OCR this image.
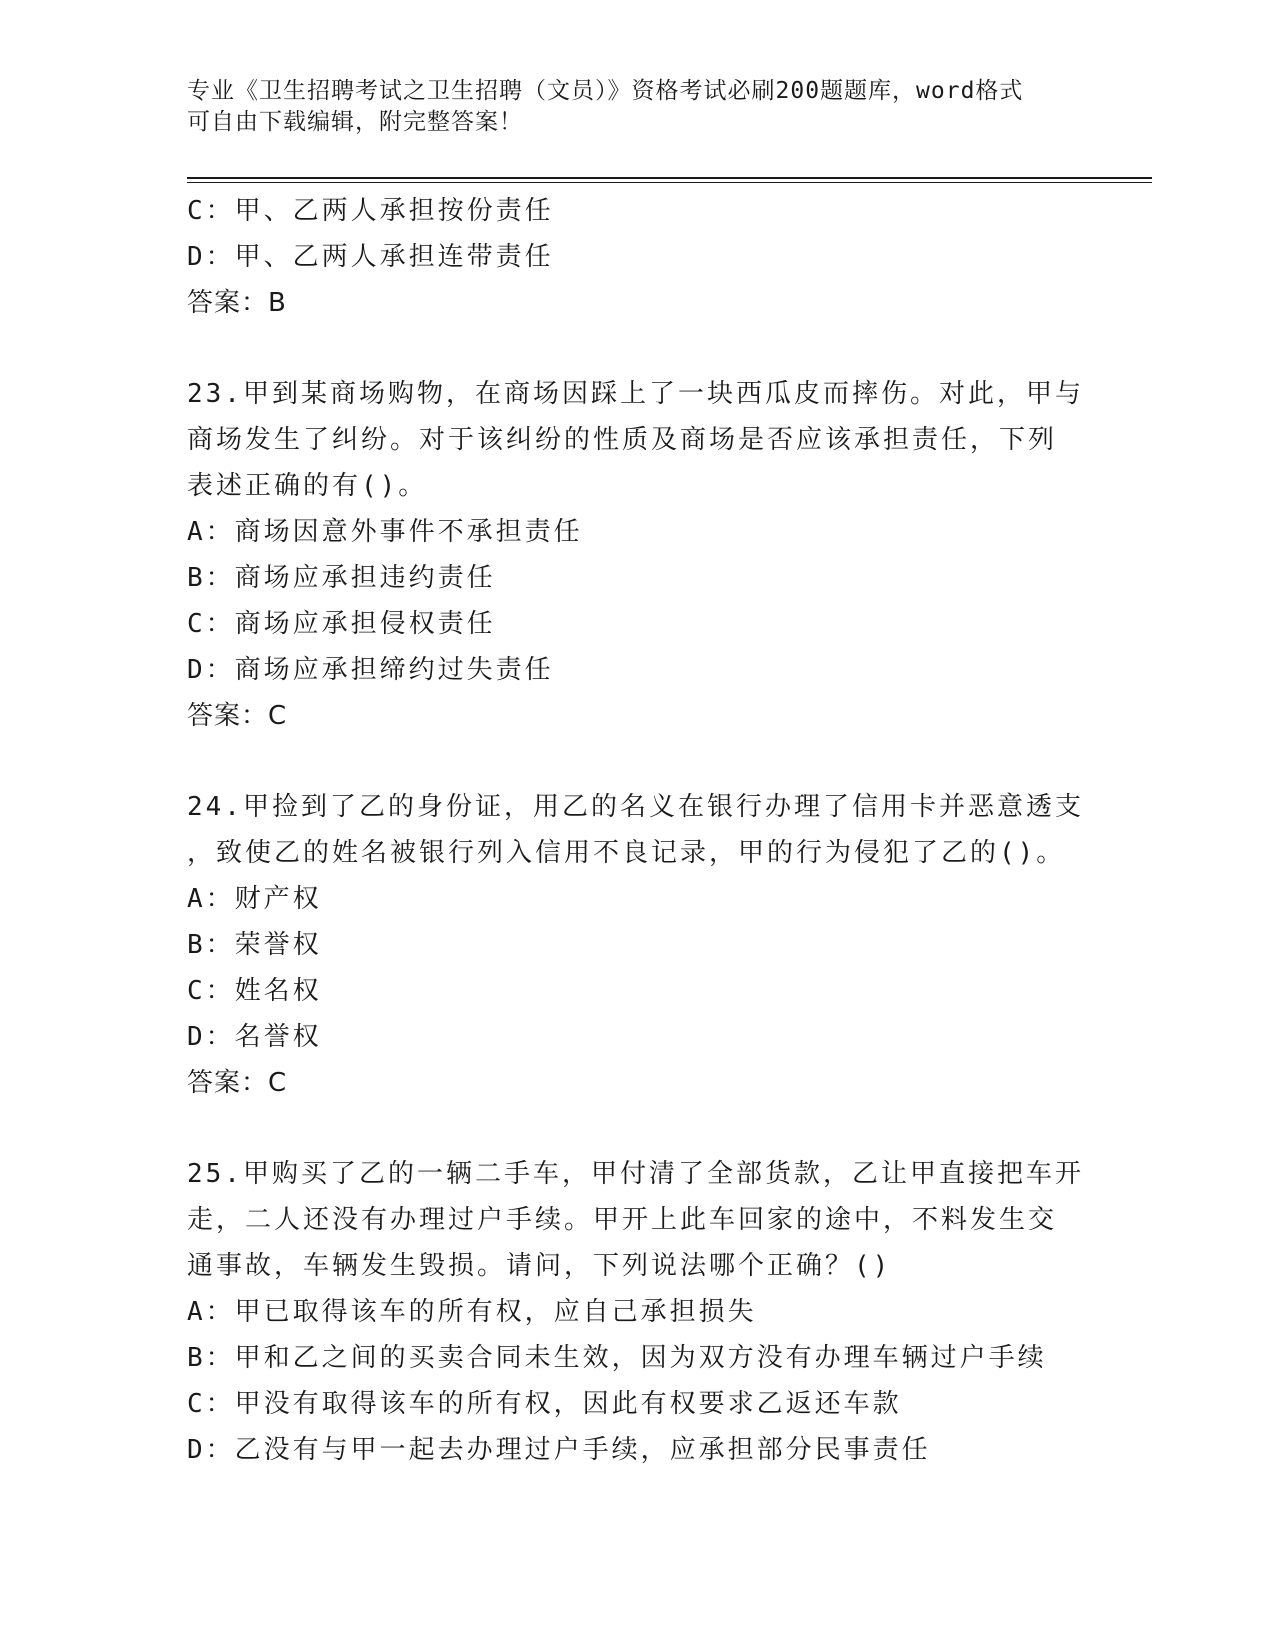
专业《卫生招聘考试之卫生招聘（文员）》资格考试必刷200题题库，word格式
可自由下载编辑，附完整答案！
C：甲、乙两人承担按份责任
D：甲、乙两人承担连带责任
答案：B
23.甲到某商场购物，在商场因踩上了一块西瓜皮而摔伤。对此，甲与
商场发生了纠纷。对于该纠纷的性质及商场是否应该承担责任，下列
表述正确的有()。
A：商场因意外事件不承担责任
B：商场应承担违约责任
C：商场应承担侵权责任
D：商场应承担缔约过失责任
答案：C
24.甲捡到了乙的身份证，用乙的名义在银行办理了信用卡并恶意透支
，致使乙的姓名被银行列入信用不良记录，甲的行为侵犯了乙的()。
A：财产权
B：荣誉权
C：姓名权
D：名誉权
答案：C
25.甲购买了乙的一辆二手车，甲付清了全部货款，乙让甲直接把车开
走，二人还没有办理过户手续。甲开上此车回家的途中，不料发生交
通事故，车辆发生毁损。请问，下列说法哪个正确？()
A：甲已取得该车的所有权，应自己承担损失
B：甲和乙之间的买卖合同未生效，因为双方没有办理车辆过户手续
C：甲没有取得该车的所有权，因此有权要求乙返还车款
D：乙没有与甲一起去办理过户手续，应承担部分民事责任
